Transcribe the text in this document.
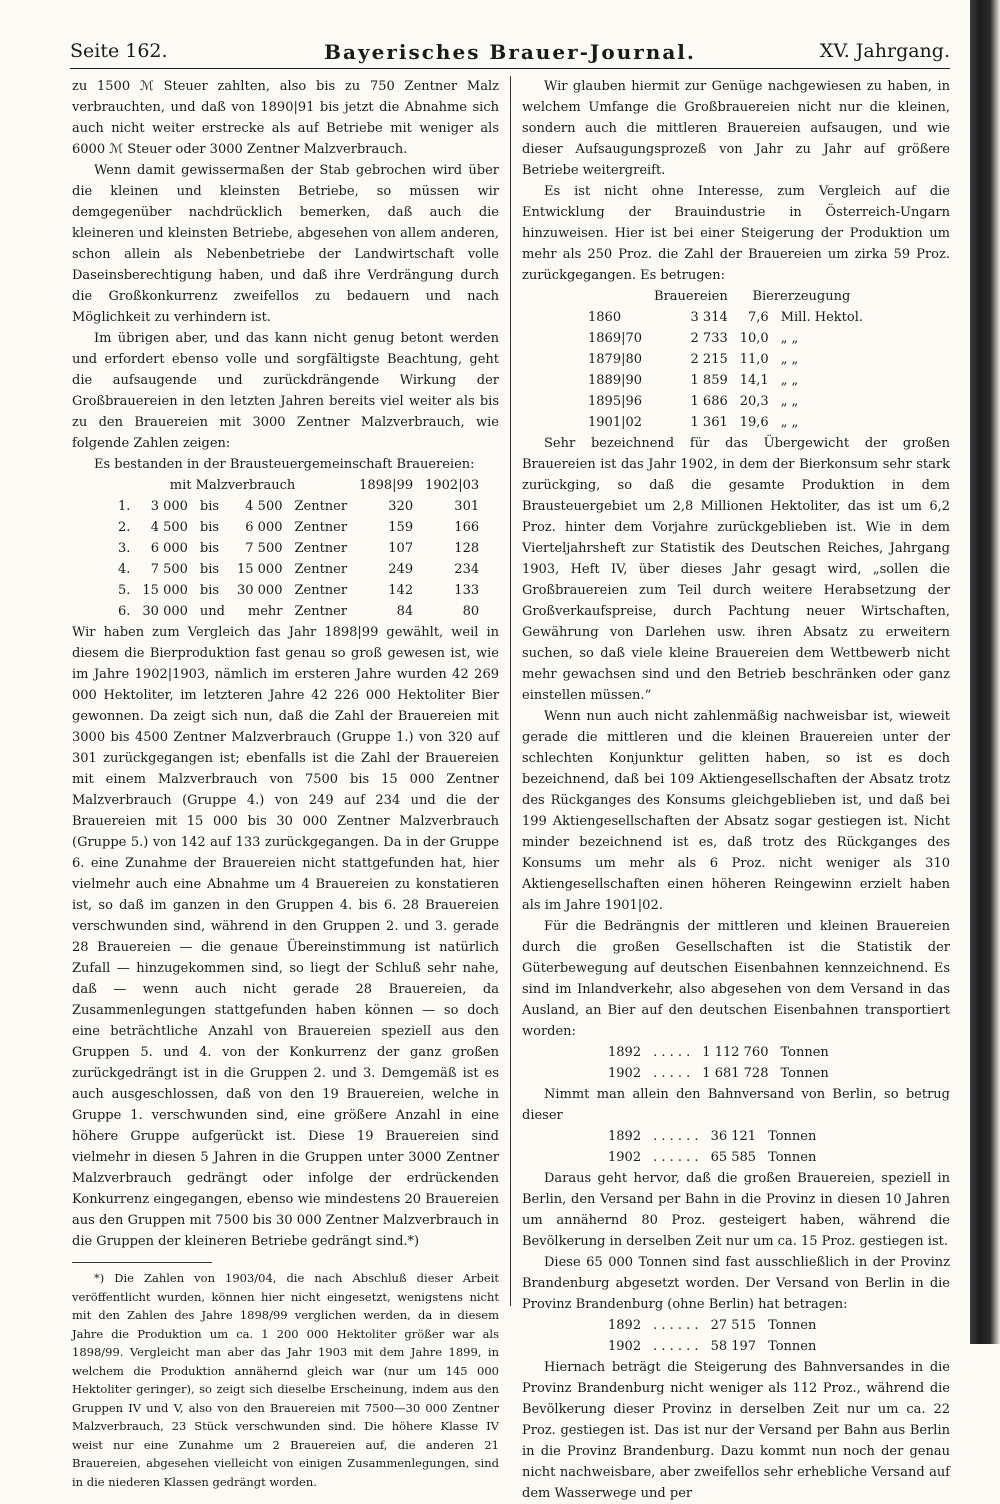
Seite 162.	Bayerisches Brauer-Journal.	XV. Jahrgang.

zu 1500 ℳ Steuer zahlten, also bis zu 750 Zentner Malz verbrauchten, und daß von 1890|91 bis jetzt die Abnahme sich auch nicht weiter erstrecke als auf Betriebe mit weniger als 6000 ℳ Steuer oder 3000 Zentner Malzverbrauch.

Wenn damit gewissermaßen der Stab gebrochen wird über die kleinen und kleinsten Betriebe, so müssen wir demgegenüber nachdrücklich bemerken, daß auch die kleineren und kleinsten Betriebe, abgesehen von allem anderen, schon allein als Nebenbetriebe der Landwirtschaft volle Daseinsberechtigung haben, und daß ihre Verdrängung durch die Großkonkurrenz zweifellos zu bedauern und nach Möglichkeit zu verhindern ist.

Im übrigen aber, und das kann nicht genug betont werden und erfordert ebenso volle und sorgfältigste Beachtung, geht die aufsaugende und zurückdrängende Wirkung der Großbrauereien in den letzten Jahren bereits viel weiter als bis zu den Brauereien mit 3000 Zentner Malzverbrauch, wie folgende Zahlen zeigen:

Es bestanden in der Brausteuergemeinschaft Brauereien:

mit Malzverbrauch					1898|99	1902|03
1.	3 000	bis	4 500	Zentner	320	301
2.	4 500	bis	6 000	Zentner	159	166
3.	6 000	bis	7 500	Zentner	107	128
4.	7 500	bis	15 000	Zentner	249	234
5.	15 000	bis	30 000	Zentner	142	133
6.	30 000	und	mehr	Zentner	84	80

Wir haben zum Vergleich das Jahr 1898|99 gewählt, weil in diesem die Bierproduktion fast genau so groß gewesen ist, wie im Jahre 1902|1903, nämlich im ersteren Jahre wurden 42 269 000 Hektoliter, im letzteren Jahre 42 226 000 Hektoliter Bier gewonnen. Da zeigt sich nun, daß die Zahl der Brauereien mit 3000 bis 4500 Zentner Malzverbrauch (Gruppe 1.) von 320 auf 301 zurückgegangen ist; ebenfalls ist die Zahl der Brauereien mit einem Malzverbrauch von 7500 bis 15 000 Zentner Malzverbrauch (Gruppe 4.) von 249 auf 234 und die der Brauereien mit 15 000 bis 30 000 Zentner Malzverbrauch (Gruppe 5.) von 142 auf 133 zurückgegangen. Da in der Gruppe 6. eine Zunahme der Brauereien nicht stattgefunden hat, hier vielmehr auch eine Abnahme um 4 Brauereien zu konstatieren ist, so daß im ganzen in den Gruppen 4. bis 6. 28 Brauereien verschwunden sind, während in den Gruppen 2. und 3. gerade 28 Brauereien — die genaue Übereinstimmung ist natürlich Zufall — hinzugekommen sind, so liegt der Schluß sehr nahe, daß — wenn auch nicht gerade 28 Brauereien, da Zusammenlegungen stattgefunden haben können — so doch eine beträchtliche Anzahl von Brauereien speziell aus den Gruppen 5. und 4. von der Konkurrenz der ganz großen zurückgedrängt ist in die Gruppen 2. und 3. Demgemäß ist es auch ausgeschlossen, daß von den 19 Brauereien, welche in Gruppe 1. verschwunden sind, eine größere Anzahl in eine höhere Gruppe aufgerückt ist. Diese 19 Brauereien sind vielmehr in diesen 5 Jahren in die Gruppen unter 3000 Zentner Malzverbrauch gedrängt oder infolge der erdrückenden Konkurrenz eingegangen, ebenso wie mindestens 20 Brauereien aus den Gruppen mit 7500 bis 30 000 Zentner Malzverbrauch in die Gruppen der kleineren Betriebe gedrängt sind.*)

*) Die Zahlen von 1903/04, die nach Abschluß dieser Arbeit veröffentlicht wurden, können hier nicht eingesetzt, wenigstens nicht mit den Zahlen des Jahre 1898/99 verglichen werden, da in diesem Jahre die Produktion um ca. 1 200 000 Hektoliter größer war als 1898/99. Vergleicht man aber das Jahr 1903 mit dem Jahre 1899, in welchem die Produktion annähernd gleich war (nur um 145 000 Hektoliter geringer), so zeigt sich dieselbe Erscheinung, indem aus den Gruppen IV und V, also von den Brauereien mit 7500—30 000 Zentner Malzverbrauch, 23 Stück verschwunden sind. Die höhere Klasse IV weist nur eine Zunahme um 2 Brauereien auf, die anderen 21 Brauereien, abgesehen vielleicht von einigen Zusammenlegungen, sind in die niederen Klassen gedrängt worden.

Wir glauben hiermit zur Genüge nachgewiesen zu haben, in welchem Umfange die Großbrauereien nicht nur die kleinen, sondern auch die mittleren Brauereien aufsaugen, und wie dieser Aufsaugungsprozeß von Jahr zu Jahr auf größere Betriebe weitergreift.

Es ist nicht ohne Interesse, zum Vergleich auf die Entwicklung der Brauindustrie in Österreich-Ungarn hinzuweisen. Hier ist bei einer Steigerung der Produktion um mehr als 250 Proz. die Zahl der Brauereien um zirka 59 Proz. zurückgegangen. Es betrugen:

	Brauereien	Biererzeugung	
1860	3 314	7,6	Mill. Hektol.
1869|70	2 733	10,0	„ „
1879|80	2 215	11,0	„ „
1889|90	1 859	14,1	„ „
1895|96	1 686	20,3	„ „
1901|02	1 361	19,6	„ „

Sehr bezeichnend für das Übergewicht der großen Brauereien ist das Jahr 1902, in dem der Bierkonsum sehr stark zurückging, so daß die gesamte Produktion in dem Brausteuergebiet um 2,8 Millionen Hektoliter, das ist um 6,2 Proz. hinter dem Vorjahre zurückgeblieben ist. Wie in dem Vierteljahrsheft zur Statistik des Deutschen Reiches, Jahrgang 1903, Heft IV, über dieses Jahr gesagt wird, „sollen die Großbrauereien zum Teil durch weitere Herabsetzung der Großverkaufspreise, durch Pachtung neuer Wirtschaften, Gewährung von Darlehen usw. ihren Absatz zu erweitern suchen, so daß viele kleine Brauereien dem Wettbewerb nicht mehr gewachsen sind und den Betrieb beschränken oder ganz einstellen müssen.“

Wenn nun auch nicht zahlenmäßig nachweisbar ist, wieweit gerade die mittleren und die kleinen Brauereien unter der schlechten Konjunktur gelitten haben, so ist es doch bezeichnend, daß bei 109 Aktiengesellschaften der Absatz trotz des Rückganges des Konsums gleichgeblieben ist, und daß bei 199 Aktiengesellschaften der Absatz sogar gestiegen ist. Nicht minder bezeichnend ist es, daß trotz des Rückganges des Konsums um mehr als 6 Proz. nicht weniger als 310 Aktiengesellschaften einen höheren Reingewinn erzielt haben als im Jahre 1901|02.

Für die Bedrängnis der mittleren und kleinen Brauereien durch die großen Gesellschaften ist die Statistik der Güterbewegung auf deutschen Eisenbahnen kennzeichnend. Es sind im Inlandverkehr, also abgesehen von dem Versand in das Ausland, an Bier auf den deutschen Eisenbahnen transportiert worden:

1892	. . . . .	1 112 760	Tonnen
1902	. . . . .	1 681 728	Tonnen

Nimmt man allein den Bahnversand von Berlin, so betrug dieser

1892	. . . . . .	36 121	Tonnen
1902	. . . . . .	65 585	Tonnen

Daraus geht hervor, daß die großen Brauereien, speziell in Berlin, den Versand per Bahn in die Provinz in diesen 10 Jahren um annähernd 80 Proz. gesteigert haben, während die Bevölkerung in derselben Zeit nur um ca. 15 Proz. gestiegen ist.

Diese 65 000 Tonnen sind fast ausschließlich in der Provinz Brandenburg abgesetzt worden. Der Versand von Berlin in die Provinz Brandenburg (ohne Berlin) hat betragen:

1892	. . . . . .	27 515	Tonnen
1902	. . . . . .	58 197	Tonnen

Hiernach beträgt die Steigerung des Bahnversandes in die Provinz Brandenburg nicht weniger als 112 Proz., während die Bevölkerung dieser Provinz in derselben Zeit nur um ca. 22 Proz. gestiegen ist. Das ist nur der Versand per Bahn aus Berlin in die Provinz Brandenburg. Dazu kommt nun noch der genau nicht nachweisbare, aber zweifellos sehr erhebliche Versand auf dem Wasserwege und per
